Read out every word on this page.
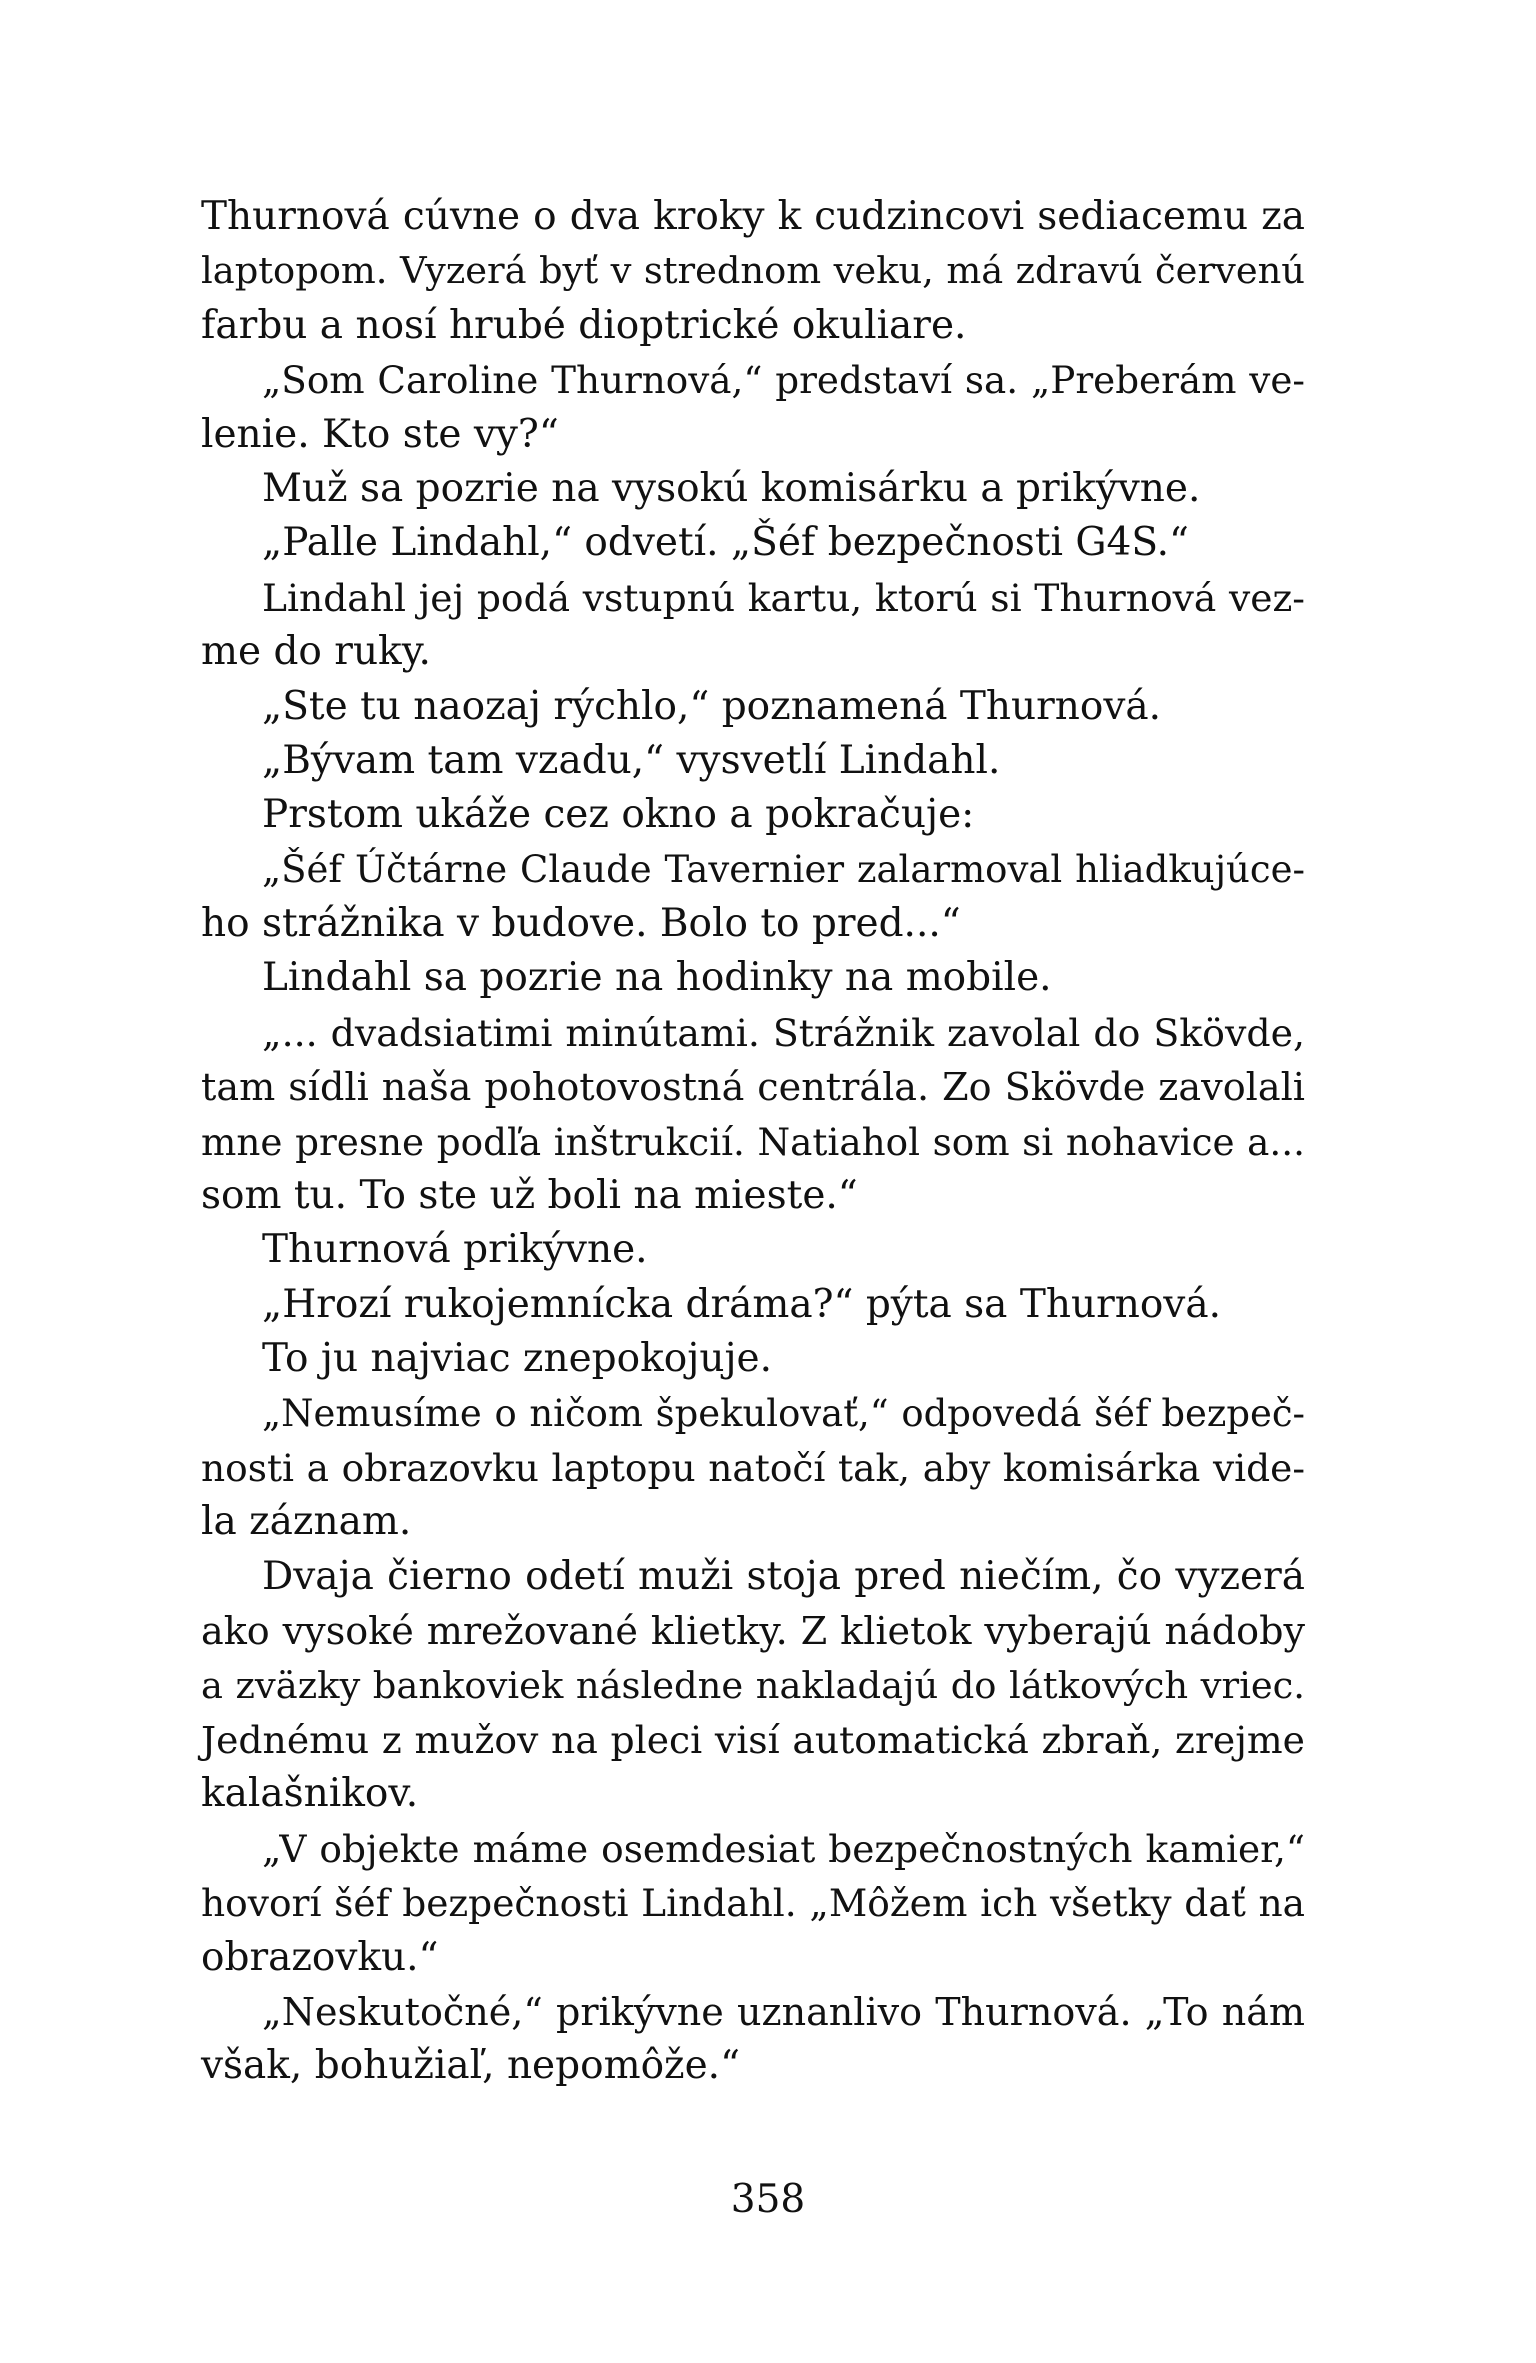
Thurnová cúvne o dva kroky k cudzincovi sediacemu za
laptopom. Vyzerá byť v strednom veku, má zdravú červenú
farbu a nosí hrubé dioptrické okuliare.
„Som Caroline Thurnová,“ predstaví sa. „Preberám ve-
lenie. Kto ste vy?“
Muž sa pozrie na vysokú komisárku a prikývne.
„Palle Lindahl,“ odvetí. „Šéf bezpečnosti G4S.“
Lindahl jej podá vstupnú kartu, ktorú si Thurnová vez-
me do ruky.
„Ste tu naozaj rýchlo,“ poznamená Thurnová.
„Bývam tam vzadu,“ vysvetlí Lindahl.
Prstom ukáže cez okno a pokračuje:
„Šéf Účtárne Claude Tavernier zalarmoval hliadkujúce-
ho strážnika v budove. Bolo to pred...“
Lindahl sa pozrie na hodinky na mobile.
„... dvadsiatimi minútami. Strážnik zavolal do Skövde,
tam sídli naša pohotovostná centrála. Zo Skövde zavolali
mne presne podľa inštrukcií. Natiahol som si nohavice a...
som tu. To ste už boli na mieste.“
Thurnová prikývne.
„Hrozí rukojemnícka dráma?“ pýta sa Thurnová.
To ju najviac znepokojuje.
„Nemusíme o ničom špekulovať,“ odpovedá šéf bezpeč-
nosti a obrazovku laptopu natočí tak, aby komisárka vide-
la záznam.
Dvaja čierno odetí muži stoja pred niečím, čo vyzerá
ako vysoké mrežované klietky. Z klietok vyberajú nádoby
a zväzky bankoviek následne nakladajú do látkových vriec.
Jednému z mužov na pleci visí automatická zbraň, zrejme
kalašnikov.
„V objekte máme osemdesiat bezpečnostných kamier,“
hovorí šéf bezpečnosti Lindahl. „Môžem ich všetky dať na
obrazovku.“
„Neskutočné,“ prikývne uznanlivo Thurnová. „To nám
však, bohužiaľ, nepomôže.“
358
